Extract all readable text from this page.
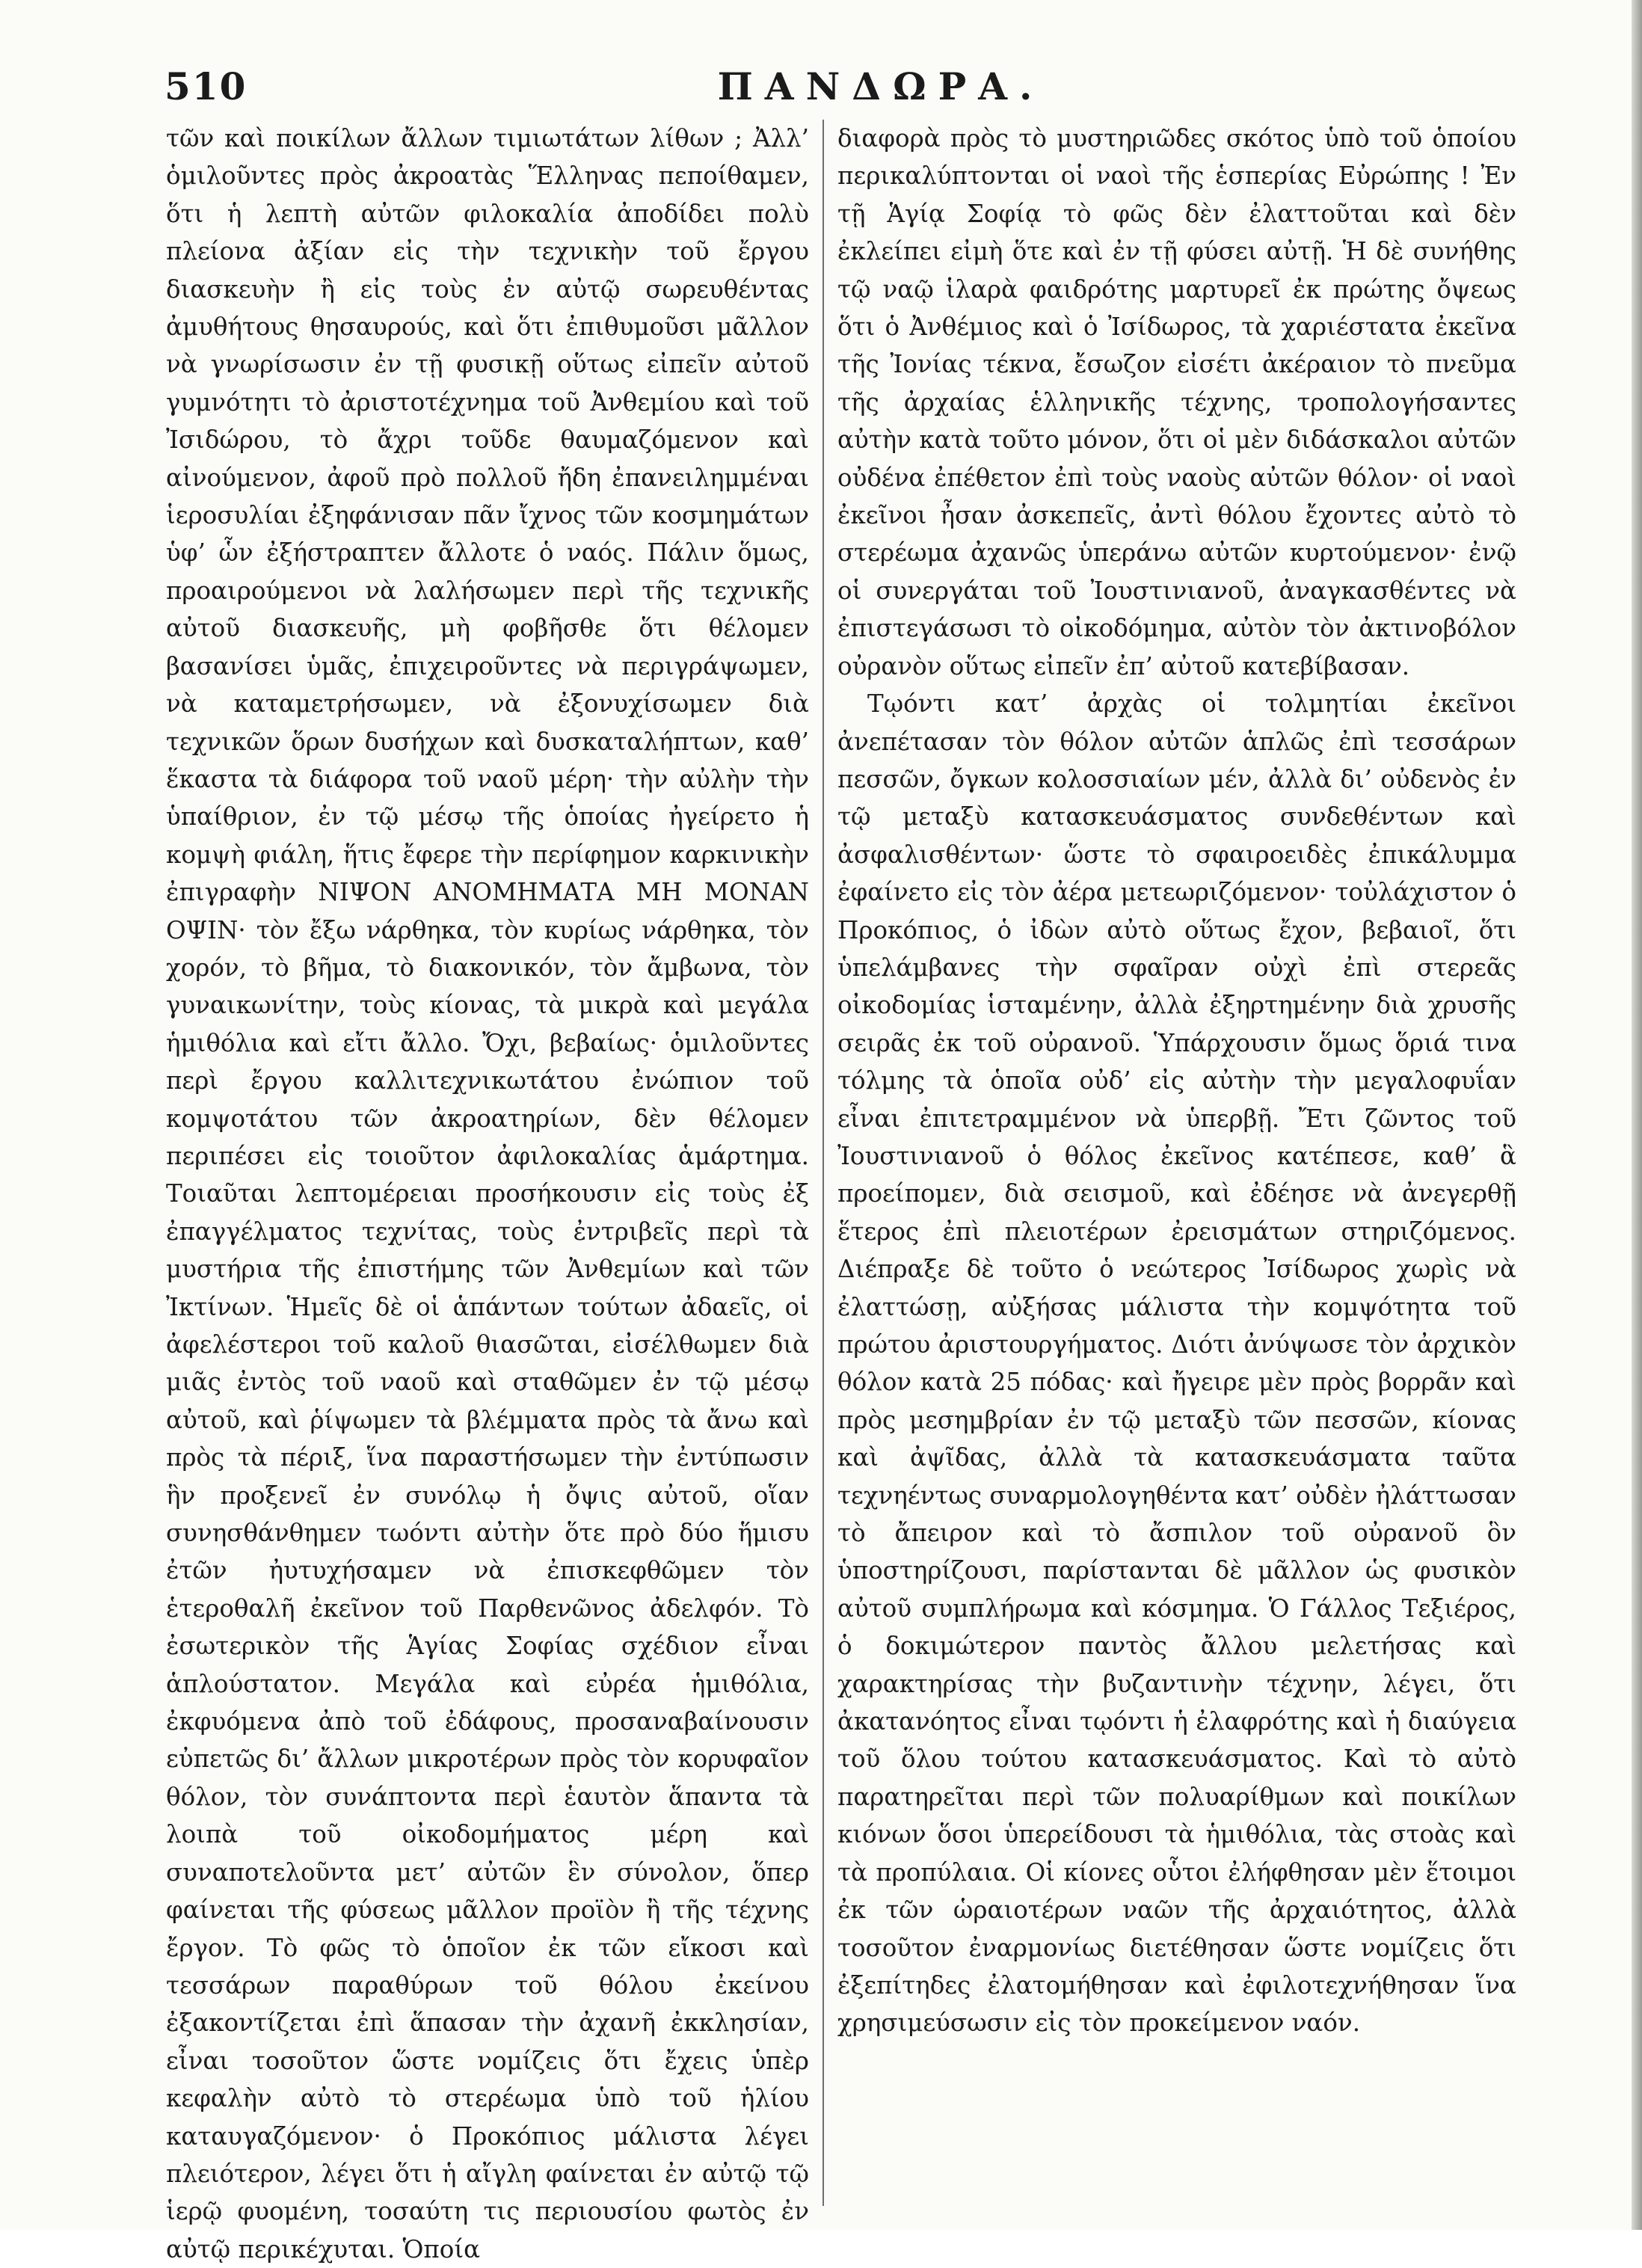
510	ΠΑΝΔΩΡΑ.

τῶν καὶ ποικίλων ἄλλων τιμιωτάτων λίθων ; Ἀλλ’ ὁμιλοῦντες πρὸς ἀκροατὰς Ἕλληνας πεποίθαμεν, ὅτι ἡ λεπτὴ αὐτῶν φιλοκαλία ἀποδίδει πολὺ πλείονα ἀξίαν εἰς τὴν τεχνικὴν τοῦ ἔργου διασκευὴν ἢ εἰς τοὺς ἐν αὐτῷ σωρευθέντας ἀμυθήτους θησαυρούς, καὶ ὅτι ἐπιθυμοῦσι μᾶλλον νὰ γνωρίσωσιν ἐν τῇ φυσικῇ οὕτως εἰπεῖν αὐτοῦ γυμνότητι τὸ ἀριστοτέχνημα τοῦ Ἀνθεμίου καὶ τοῦ Ἰσιδώρου, τὸ ἄχρι τοῦδε θαυμαζόμενον καὶ αἰνούμενον, ἀφοῦ πρὸ πολλοῦ ἤδη ἐπανειλημμέναι ἱεροσυλίαι ἐξηφάνισαν πᾶν ἴχνος τῶν κοσμημάτων ὑφ’ ὧν ἐξήστραπτεν ἄλλοτε ὁ ναός. Πάλιν ὅμως, προαιρούμενοι νὰ λαλήσωμεν περὶ τῆς τεχνικῆς αὐτοῦ διασκευῆς, μὴ φοβῆσθε ὅτι θέλομεν βασανίσει ὑμᾶς, ἐπιχειροῦντες νὰ περιγράψωμεν, νὰ καταμετρήσωμεν, νὰ ἐξονυχίσωμεν διὰ τεχνικῶν ὅρων δυσήχων καὶ δυσκαταλήπτων, καθ’ ἕκαστα τὰ διάφορα τοῦ ναοῦ μέρη· τὴν αὐλὴν τὴν ὑπαίθριον, ἐν τῷ μέσῳ τῆς ὁποίας ἠγείρετο ἡ κομψὴ φιάλη, ἥτις ἔφερε τὴν περίφημον καρκινικὴν ἐπιγραφὴν ΝΙΨΟΝ ΑΝΟΜΗΜΑΤΑ ΜΗ ΜΟΝΑΝ ΟΨΙΝ· τὸν ἔξω νάρθηκα, τὸν κυρίως νάρθηκα, τὸν χορόν, τὸ βῆμα, τὸ διακονικόν, τὸν ἄμβωνα, τὸν γυναικωνίτην, τοὺς κίονας, τὰ μικρὰ καὶ μεγάλα ἡμιθόλια καὶ εἴτι ἄλλο. Ὄχι, βεβαίως· ὁμιλοῦντες περὶ ἔργου καλλιτεχνικωτάτου ἐνώπιον τοῦ κομψοτάτου τῶν ἀκροατηρίων, δὲν θέλομεν περιπέσει εἰς τοιοῦτον ἀφιλοκαλίας ἁμάρτημα. Τοιαῦται λεπτομέρειαι προσήκουσιν εἰς τοὺς ἐξ ἐπαγγέλματος τεχνίτας, τοὺς ἐντριβεῖς περὶ τὰ μυστήρια τῆς ἐπιστήμης τῶν Ἀνθεμίων καὶ τῶν Ἰκτίνων. Ἡμεῖς δὲ οἱ ἁπάντων τούτων ἀδαεῖς, οἱ ἀφελέστεροι τοῦ καλοῦ θιασῶται, εἰσέλθωμεν διὰ μιᾶς ἐντὸς τοῦ ναοῦ καὶ σταθῶμεν ἐν τῷ μέσῳ αὐτοῦ, καὶ ῥίψωμεν τὰ βλέμματα πρὸς τὰ ἄνω καὶ πρὸς τὰ πέριξ, ἵνα παραστήσωμεν τὴν ἐντύπωσιν ἣν προξενεῖ ἐν συνόλῳ ἡ ὄψις αὐτοῦ, οἵαν συνησθάνθημεν τωόντι αὐτὴν ὅτε πρὸ δύο ἥμισυ ἐτῶν ἠυτυχήσαμεν νὰ ἐπισκεφθῶμεν τὸν ἑτεροθαλῆ ἐκεῖνον τοῦ Παρθενῶνος ἀδελφόν. Τὸ ἐσωτερικὸν τῆς Ἁγίας Σοφίας σχέδιον εἶναι ἁπλούστατον. Μεγάλα καὶ εὐρέα ἡμιθόλια, ἐκφυόμενα ἀπὸ τοῦ ἐδάφους, προσαναβαίνουσιν εὐπετῶς δι’ ἄλλων μικροτέρων πρὸς τὸν κορυφαῖον θόλον, τὸν συνάπτοντα περὶ ἑαυτὸν ἅπαντα τὰ λοιπὰ τοῦ οἰκοδομήματος μέρη καὶ συναποτελοῦντα μετ’ αὐτῶν ἓν σύνολον, ὅπερ φαίνεται τῆς φύσεως μᾶλλον προϊὸν ἢ τῆς τέχνης ἔργον. Τὸ φῶς τὸ ὁποῖον ἐκ τῶν εἴκοσι καὶ τεσσάρων παραθύρων τοῦ θόλου ἐκείνου ἐξακοντίζεται ἐπὶ ἅπασαν τὴν ἀχανῆ ἐκκλησίαν, εἶναι τοσοῦτον ὥστε νομίζεις ὅτι ἔχεις ὑπὲρ κεφαλὴν αὐτὸ τὸ στερέωμα ὑπὸ τοῦ ἡλίου καταυγαζόμενον· ὁ Προκόπιος μάλιστα λέγει πλειότερον, λέγει ὅτι ἡ αἴγλη φαίνεται ἐν αὐτῷ τῷ ἱερῷ φυομένη, τοσαύτη τις περιουσίου φωτὸς ἐν αὐτῷ περικέχυται. Ὁποία

διαφορὰ πρὸς τὸ μυστηριῶδες σκότος ὑπὸ τοῦ ὁποίου περικαλύπτονται οἱ ναοὶ τῆς ἑσπερίας Εὐρώπης ! Ἐν τῇ Ἁγίᾳ Σοφίᾳ τὸ φῶς δὲν ἐλαττοῦται καὶ δὲν ἐκλείπει εἰμὴ ὅτε καὶ ἐν τῇ φύσει αὐτῇ. Ἡ δὲ συνήθης τῷ ναῷ ἱλαρὰ φαιδρότης μαρτυρεῖ ἐκ πρώτης ὄψεως ὅτι ὁ Ἀνθέμιος καὶ ὁ Ἰσίδωρος, τὰ χαριέστατα ἐκεῖνα τῆς Ἰονίας τέκνα, ἔσωζον εἰσέτι ἀκέραιον τὸ πνεῦμα τῆς ἀρχαίας ἑλληνικῆς τέχνης, τροπολογήσαντες αὐτὴν κατὰ τοῦτο μόνον, ὅτι οἱ μὲν διδάσκαλοι αὐτῶν οὐδένα ἐπέθετον ἐπὶ τοὺς ναοὺς αὐτῶν θόλον· οἱ ναοὶ ἐκεῖνοι ἦσαν ἀσκεπεῖς, ἀντὶ θόλου ἔχοντες αὐτὸ τὸ στερέωμα ἀχανῶς ὑπεράνω αὐτῶν κυρτούμενον· ἐνῷ οἱ συνεργάται τοῦ Ἰουστινιανοῦ, ἀναγκασθέντες νὰ ἐπιστεγάσωσι τὸ οἰκοδόμημα, αὐτὸν τὸν ἀκτινοβόλον οὐρανὸν οὕτως εἰπεῖν ἐπ’ αὐτοῦ κατεβίβασαν.

Τῳόντι κατ’ ἀρχὰς οἱ τολμητίαι ἐκεῖνοι ἀνεπέτασαν τὸν θόλον αὐτῶν ἁπλῶς ἐπὶ τεσσάρων πεσσῶν, ὄγκων κολοσσιαίων μέν, ἀλλὰ δι’ οὐδενὸς ἐν τῷ μεταξὺ κατασκευάσματος συνδεθέντων καὶ ἀσφαλισθέντων· ὥστε τὸ σφαιροειδὲς ἐπικάλυμμα ἐφαίνετο εἰς τὸν ἀέρα μετεωριζόμενον· τοὐλάχιστον ὁ Προκόπιος, ὁ ἰδὼν αὐτὸ οὕτως ἔχον, βεβαιοῖ, ὅτι ὑπελάμβανες τὴν σφαῖραν οὐχὶ ἐπὶ στερεᾶς οἰκοδομίας ἱσταμένην, ἀλλὰ ἐξηρτημένην διὰ χρυσῆς σειρᾶς ἐκ τοῦ οὐρανοῦ. Ὑπάρχουσιν ὅμως ὅριά τινα τόλμης τὰ ὁποῖα οὐδ’ εἰς αὐτὴν τὴν μεγαλοφυΐαν εἶναι ἐπιτετραμμένον νὰ ὑπερβῇ. Ἔτι ζῶντος τοῦ Ἰουστινιανοῦ ὁ θόλος ἐκεῖνος κατέπεσε, καθ’ ἃ προείπομεν, διὰ σεισμοῦ, καὶ ἐδέησε νὰ ἀνεγερθῇ ἕτερος ἐπὶ πλειοτέρων ἐρεισμάτων στηριζόμενος. Διέπραξε δὲ τοῦτο ὁ νεώτερος Ἰσίδωρος χωρὶς νὰ ἐλαττώσῃ, αὐξήσας μάλιστα τὴν κομψότητα τοῦ πρώτου ἀριστουργήματος. Διότι ἀνύψωσε τὸν ἀρχικὸν θόλον κατὰ 25 πόδας· καὶ ἤγειρε μὲν πρὸς βορρᾶν καὶ πρὸς μεσημβρίαν ἐν τῷ μεταξὺ τῶν πεσσῶν, κίονας καὶ ἀψῖδας, ἀλλὰ τὰ κατασκευάσματα ταῦτα τεχνηέντως συναρμολογηθέντα κατ’ οὐδὲν ἠλάττωσαν τὸ ἄπειρον καὶ τὸ ἄσπιλον τοῦ οὐρανοῦ ὃν ὑποστηρίζουσι, παρίστανται δὲ μᾶλλον ὡς φυσικὸν αὐτοῦ συμπλήρωμα καὶ κόσμημα. Ὁ Γάλλος Τεξιέρος, ὁ δοκιμώτερον παντὸς ἄλλου μελετήσας καὶ χαρακτηρίσας τὴν βυζαντινὴν τέχνην, λέγει, ὅτι ἀκατανόητος εἶναι τῳόντι ἡ ἐλαφρότης καὶ ἡ διαύγεια τοῦ ὅλου τούτου κατασκευάσματος. Καὶ τὸ αὐτὸ παρατηρεῖται περὶ τῶν πολυαρίθμων καὶ ποικίλων κιόνων ὅσοι ὑπερείδουσι τὰ ἡμιθόλια, τὰς στοὰς καὶ τὰ προπύλαια. Οἱ κίονες οὗτοι ἐλήφθησαν μὲν ἕτοιμοι ἐκ τῶν ὡραιοτέρων ναῶν τῆς ἀρχαιότητος, ἀλλὰ τοσοῦτον ἐναρμονίως διετέθησαν ὥστε νομίζεις ὅτι ἐξεπίτηδες ἐλατομήθησαν καὶ ἐφιλοτεχνήθησαν ἵνα χρησιμεύσωσιν εἰς τὸν προκείμενον ναόν.
